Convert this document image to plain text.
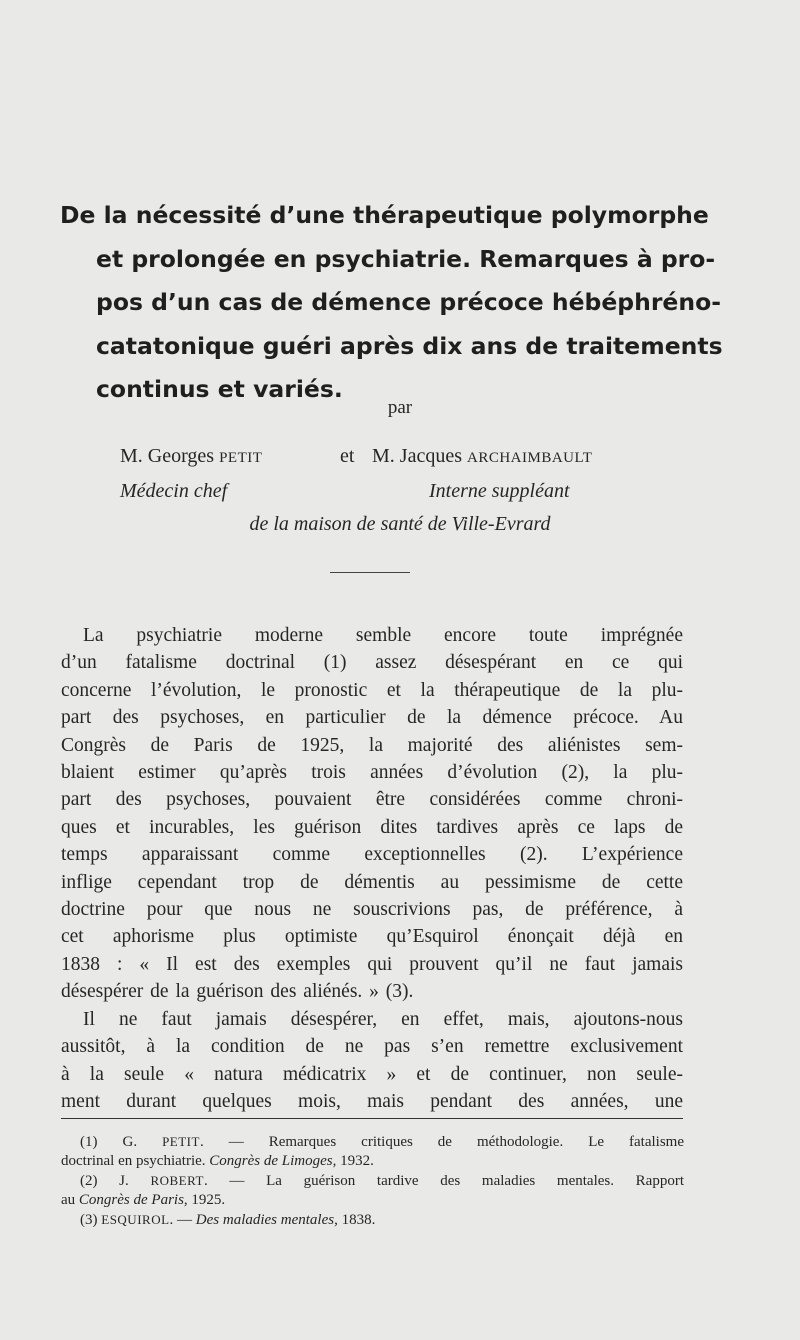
De la nécessité d’une thérapeutique polymorphe
et prolongée en psychiatrie. Remarques à pro-
pos d’un cas de démence précoce hébéphréno-
catatonique guéri après dix ans de traitements
continus et variés.
par
M. Georges PETIT	et M. Jacques ARCHAIMBAULT
Médecin chef	Interne suppléant
de la maison de santé de Ville-Evrard
La psychiatrie moderne semble encore toute imprégnée
d’un fatalisme doctrinal (1) assez désespérant en ce qui
concerne l’évolution, le pronostic et la thérapeutique de la plu-
part des psychoses, en particulier de la démence précoce. Au
Congrès de Paris de 1925, la majorité des aliénistes sem-
blaient estimer qu’après trois années d’évolution (2), la plu-
part des psychoses, pouvaient être considérées comme chroni-
ques et incurables, les guérison dites tardives après ce laps de
temps apparaissant comme exceptionnelles (2). L’expérience
inflige cependant trop de démentis au pessimisme de cette
doctrine pour que nous ne souscrivions pas, de préférence, à
cet aphorisme plus optimiste qu’Esquirol énonçait déjà en
1838 : « Il est des exemples qui prouvent qu’il ne faut jamais
désespérer de la guérison des aliénés. » (3).
Il ne faut jamais désespérer, en effet, mais, ajoutons-nous
aussitôt, à la condition de ne pas s’en remettre exclusivement
à la seule « natura médicatrix » et de continuer, non seule-
ment durant quelques mois, mais pendant des années, une
(1) G. PETIT. — Remarques critiques de méthodologie. Le fatalisme
doctrinal en psychiatrie. Congrès de Limoges, 1932.
(2) J. ROBERT. — La guérison tardive des maladies mentales. Rapport
au Congrès de Paris, 1925.
(3) ESQUIROL. — Des maladies mentales, 1838.
